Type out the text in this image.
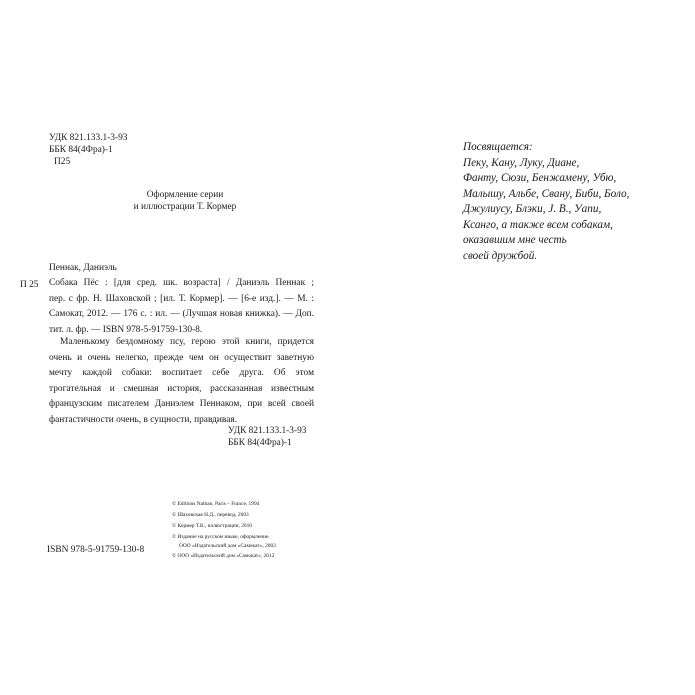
УДК 821.133.1-3-93
ББК 84(4Фра)-1
П25
Оформление серии
и иллюстрации Т. Кормер

Пеннак, Даниэль

П 25 Собака Пёс : [для сред. шк. возраста] / Даниэль Пеннак ;
пер. с фр. Н. Шаховской ; [ил. Т. Кормер]. — [6-е изд.]. — М. :
Самокат, 2012. — 176 с. : ил. — (Лучшая новая книжка). — Доп.
тит. л. фр. — ISBN 978-5-91759-130-8.
Маленькому бездомному псу, герою этой книги, придется
очень и очень нелегко, прежде чем он осуществит заветную
мечту каждой собаки: воспитает себе друга. Об этом
трогательная и смешная история, рассказанная известным
французским писателем Даниэлем Пеннаком, при всей своей
фантастичности очень, в сущности, правдивая.
УДК 821.133.1-3-93
ББК 84(4Фра)-1

ISBN 978-5-91759-130-8

© Editions Nathan, Paris – France, 1994
© Шаховская Н.Д., перевод, 2003
© Кормер Т.К., иллюстрации, 2010
© Издание на русском языке, оформление.
ООО «Издательский дом «Самокат», 2003
© ООО «Издательский дом «Самокат», 2012
Посвящается:
Пеку, Кану, Луку, Диане,
Фанту, Сюзи, Бенжамену, Убю,
Малышу, Альбе, Свану, Биби, Боло,
Джулиусу, Блэки, J. B., Уапи,
Ксанго, а также всем собакам,
оказавшим мне честь
своей дружбой.
